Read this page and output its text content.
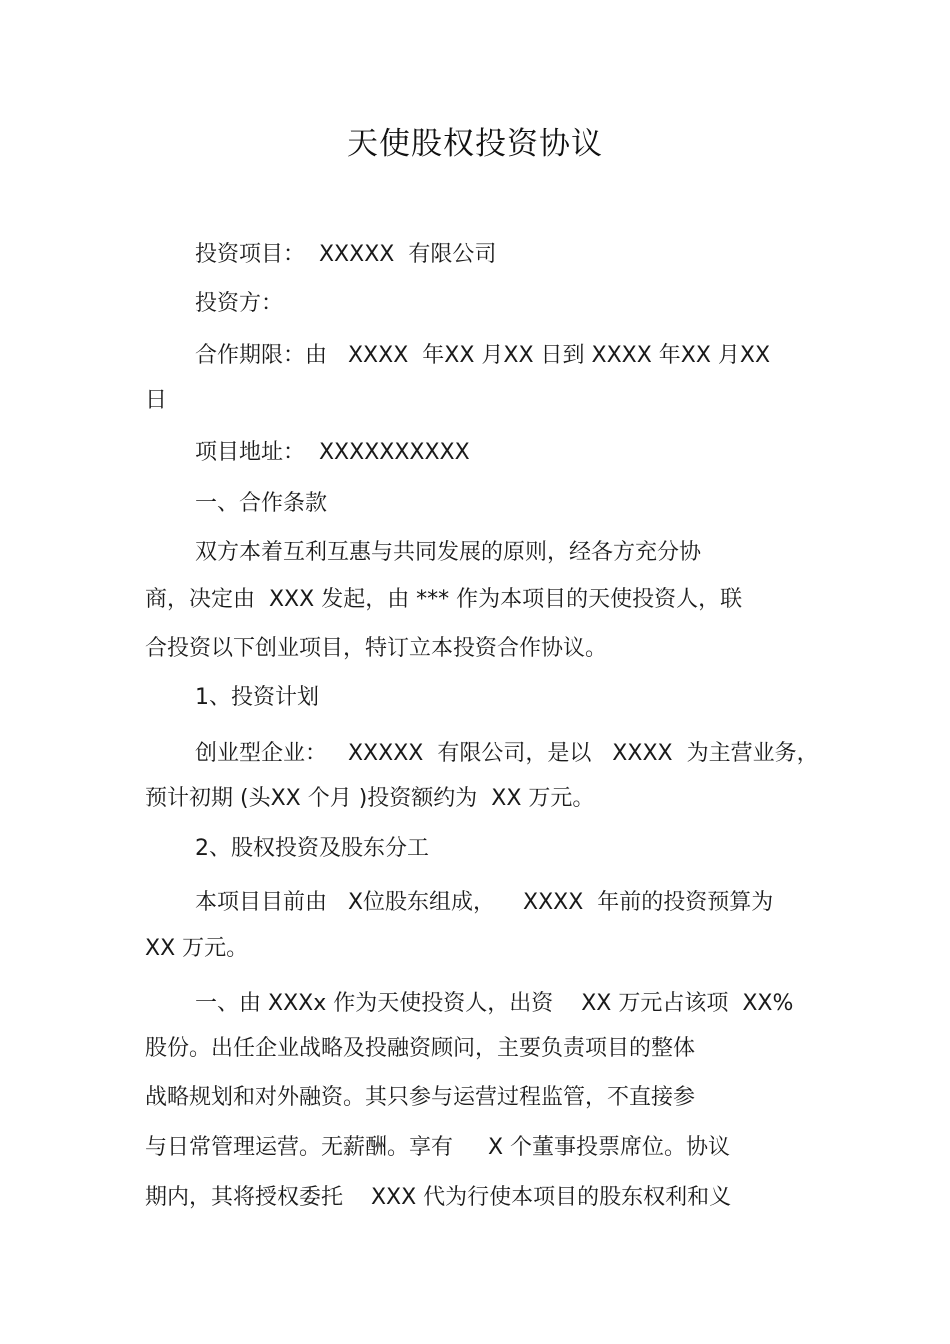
天使股权投资协议
投资项目：  XXXXX  有限公司
投资方：
合作期限：由   XXXX  年XX 月XX 日到 XXXX 年XX 月XX
日
项目地址：  XXXXXXXXXX
一、合作条款
双方本着互利互惠与共同发展的原则，经各方充分协
商，决定由  XXX 发起，由 *** 作为本项目的天使投资人，联
合投资以下创业项目，特订立本投资合作协议。
1、投资计划
创业型企业：   XXXXX  有限公司，是以   XXXX  为主营业务，
预计初期 (头XX 个月 )投资额约为  XX 万元。
2、股权投资及股东分工
本项目目前由   X位股东组成，    XXXX  年前的投资预算为
XX 万元。
一、由 XXXx 作为天使投资人，出资    XX 万元占该项  XX%
股份。出任企业战略及投融资顾问，主要负责项目的整体
战略规划和对外融资。其只参与运营过程监管，不直接参
与日常管理运营。无薪酬。享有     X 个董事投票席位。协议
期内，其将授权委托    XXX 代为行使本项目的股东权利和义
